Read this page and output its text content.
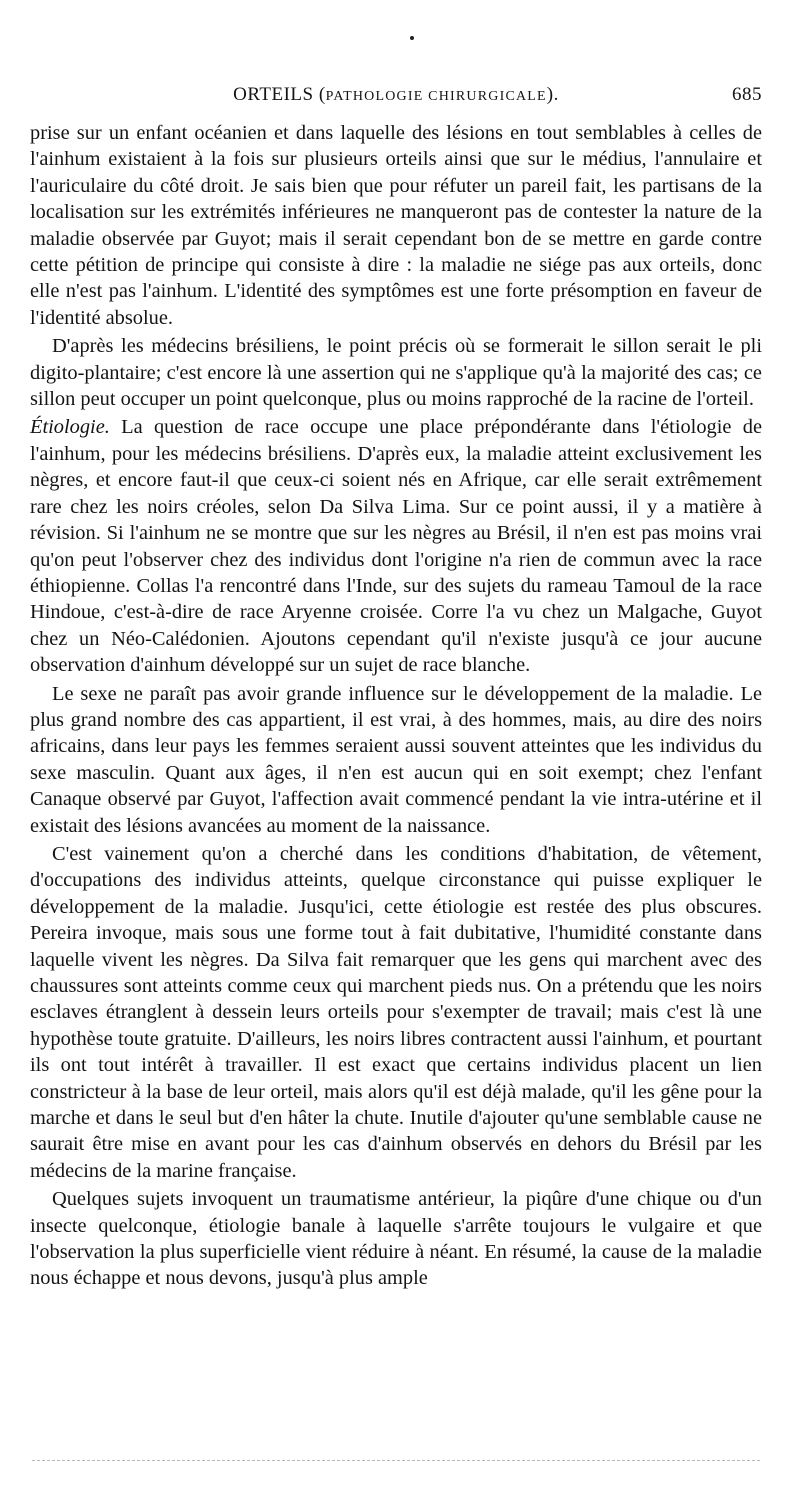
ORTEILS (PATHOLOGIE CHIRURGICALE).	685

prise sur un enfant océanien et dans laquelle des lésions en tout semblables à celles de l'ainhum existaient à la fois sur plusieurs orteils ainsi que sur le médius, l'annulaire et l'auriculaire du côté droit. Je sais bien que pour réfuter un pareil fait, les partisans de la localisation sur les extrémités inférieures ne manqueront pas de contester la nature de la maladie observée par Guyot; mais il serait cependant bon de se mettre en garde contre cette pétition de principe qui consiste à dire : la maladie ne siége pas aux orteils, donc elle n'est pas l'ainhum. L'identité des symptômes est une forte présomption en faveur de l'identité absolue.

D'après les médecins brésiliens, le point précis où se formerait le sillon serait le pli digito-plantaire; c'est encore là une assertion qui ne s'applique qu'à la majorité des cas; ce sillon peut occuper un point quelconque, plus ou moins rapproché de la racine de l'orteil.

Étiologie. La question de race occupe une place prépondérante dans l'étiologie de l'ainhum, pour les médecins brésiliens. D'après eux, la maladie atteint exclusivement les nègres, et encore faut-il que ceux-ci soient nés en Afrique, car elle serait extrêmement rare chez les noirs créoles, selon Da Silva Lima. Sur ce point aussi, il y a matière à révision. Si l'ainhum ne se montre que sur les nègres au Brésil, il n'en est pas moins vrai qu'on peut l'observer chez des individus dont l'origine n'a rien de commun avec la race éthiopienne. Collas l'a rencontré dans l'Inde, sur des sujets du rameau Tamoul de la race Hindoue, c'est-à-dire de race Aryenne croisée. Corre l'a vu chez un Malgache, Guyot chez un Néo-Calédonien. Ajoutons cependant qu'il n'existe jusqu'à ce jour aucune observation d'ainhum développé sur un sujet de race blanche.

Le sexe ne paraît pas avoir grande influence sur le développement de la maladie. Le plus grand nombre des cas appartient, il est vrai, à des hommes, mais, au dire des noirs africains, dans leur pays les femmes seraient aussi souvent atteintes que les individus du sexe masculin. Quant aux âges, il n'en est aucun qui en soit exempt; chez l'enfant Canaque observé par Guyot, l'affection avait commencé pendant la vie intra-utérine et il existait des lésions avancées au moment de la naissance.

C'est vainement qu'on a cherché dans les conditions d'habitation, de vêtement, d'occupations des individus atteints, quelque circonstance qui puisse expliquer le développement de la maladie. Jusqu'ici, cette étiologie est restée des plus obscures. Pereira invoque, mais sous une forme tout à fait dubitative, l'humidité constante dans laquelle vivent les nègres. Da Silva fait remarquer que les gens qui marchent avec des chaussures sont atteints comme ceux qui marchent pieds nus. On a prétendu que les noirs esclaves étranglent à dessein leurs orteils pour s'exempter de travail; mais c'est là une hypothèse toute gratuite. D'ailleurs, les noirs libres contractent aussi l'ainhum, et pourtant ils ont tout intérêt à travailler. Il est exact que certains individus placent un lien constricteur à la base de leur orteil, mais alors qu'il est déjà malade, qu'il les gêne pour la marche et dans le seul but d'en hâter la chute. Inutile d'ajouter qu'une semblable cause ne saurait être mise en avant pour les cas d'ainhum observés en dehors du Brésil par les médecins de la marine française.

Quelques sujets invoquent un traumatisme antérieur, la piqûre d'une chique ou d'un insecte quelconque, étiologie banale à laquelle s'arrête toujours le vulgaire et que l'observation la plus superficielle vient réduire à néant. En résumé, la cause de la maladie nous échappe et nous devons, jusqu'à plus ample
